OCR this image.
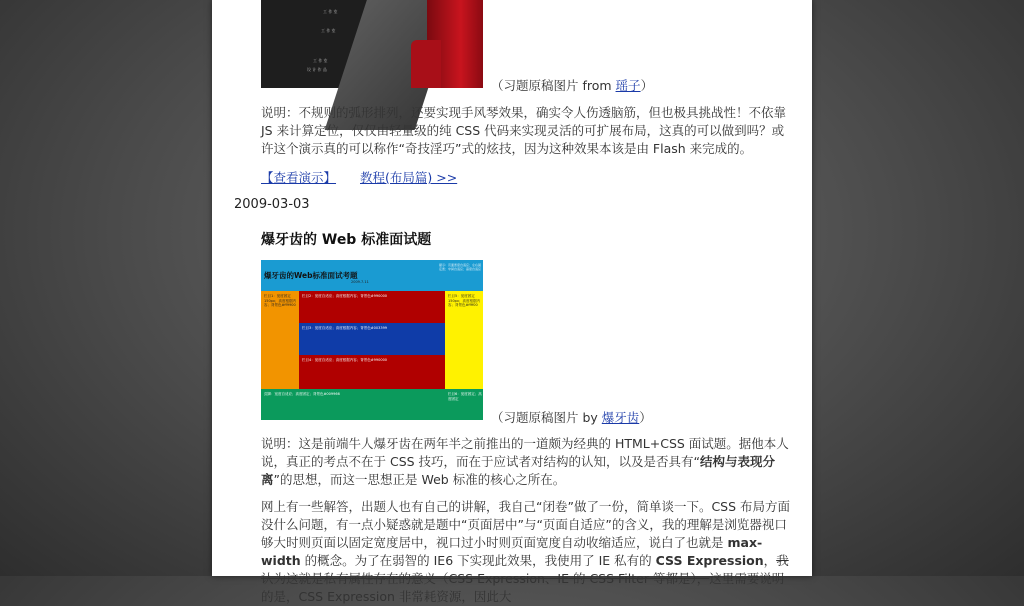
工 作 室
工 作 室
工 作 室
设 计 作 品
（习题原稿图片 from 瑶子）
说明：不规则的弧形排列，还要实现手风琴效果，确实令人伤透脑筋，但也极具挑战性！不依靠 JS 来计算定位，仅仅由轻量级的纯 CSS 代码来实现灵活的可扩展布局，这真的可以做到吗？或许这个演示真的可以称作“奇技淫巧”式的炫技，因为这种效果本该是由 Flash 来完成的。
【查看演示】 教程(布局篇) >>
2009-03-03
爆牙齿的 Web 标准面试题
爆牙齿的Web标准面试考题
2009.7.11
提示：页面宽度自适应；左右固定宽；中间自适应；高度自适应
栏目1：宽度固定150px；高度根据内容；背景色#ff9900
栏目2：宽度自适应；高度根据内容；背景色#990000
栏目3：宽度自适应；高度根据内容；背景色#003399
栏目4：宽度自适应；高度根据内容；背景色#990000
栏目5：宽度固定150px；高度根据内容；背景色#ffff00
页脚：宽度自适应；高度固定；背景色#009966	栏目6：宽度固定；高度固定
（习题原稿图片 by 爆牙齿）
说明：这是前端牛人爆牙齿在两年半之前推出的一道颇为经典的 HTML+CSS 面试题。据他本人说，真正的考点不在于 CSS 技巧，而在于应试者对结构的认知，以及是否具有“结构与表现分离”的思想，而这一思想正是 Web 标准的核心之所在。
网上有一些解答，出题人也有自己的讲解，我自己“闭卷”做了一份，简单谈一下。CSS 布局方面没什么问题，有一点小疑惑就是题中“页面居中”与“页面自适应”的含义，我的理解是浏览器视口够大时则页面以固定宽度居中，视口过小时则页面宽度自动收缩适应，说白了也就是 max-width 的概念。为了在弱智的 IE6 下实现此效果，我使用了 IE 私有的 CSS Expression，我认为这就是私有属性存在的意义（CSS Expression、IE 的 CSS Filter 等都是），这里需要说明的是，CSS Expression 非常耗资源，因此大
